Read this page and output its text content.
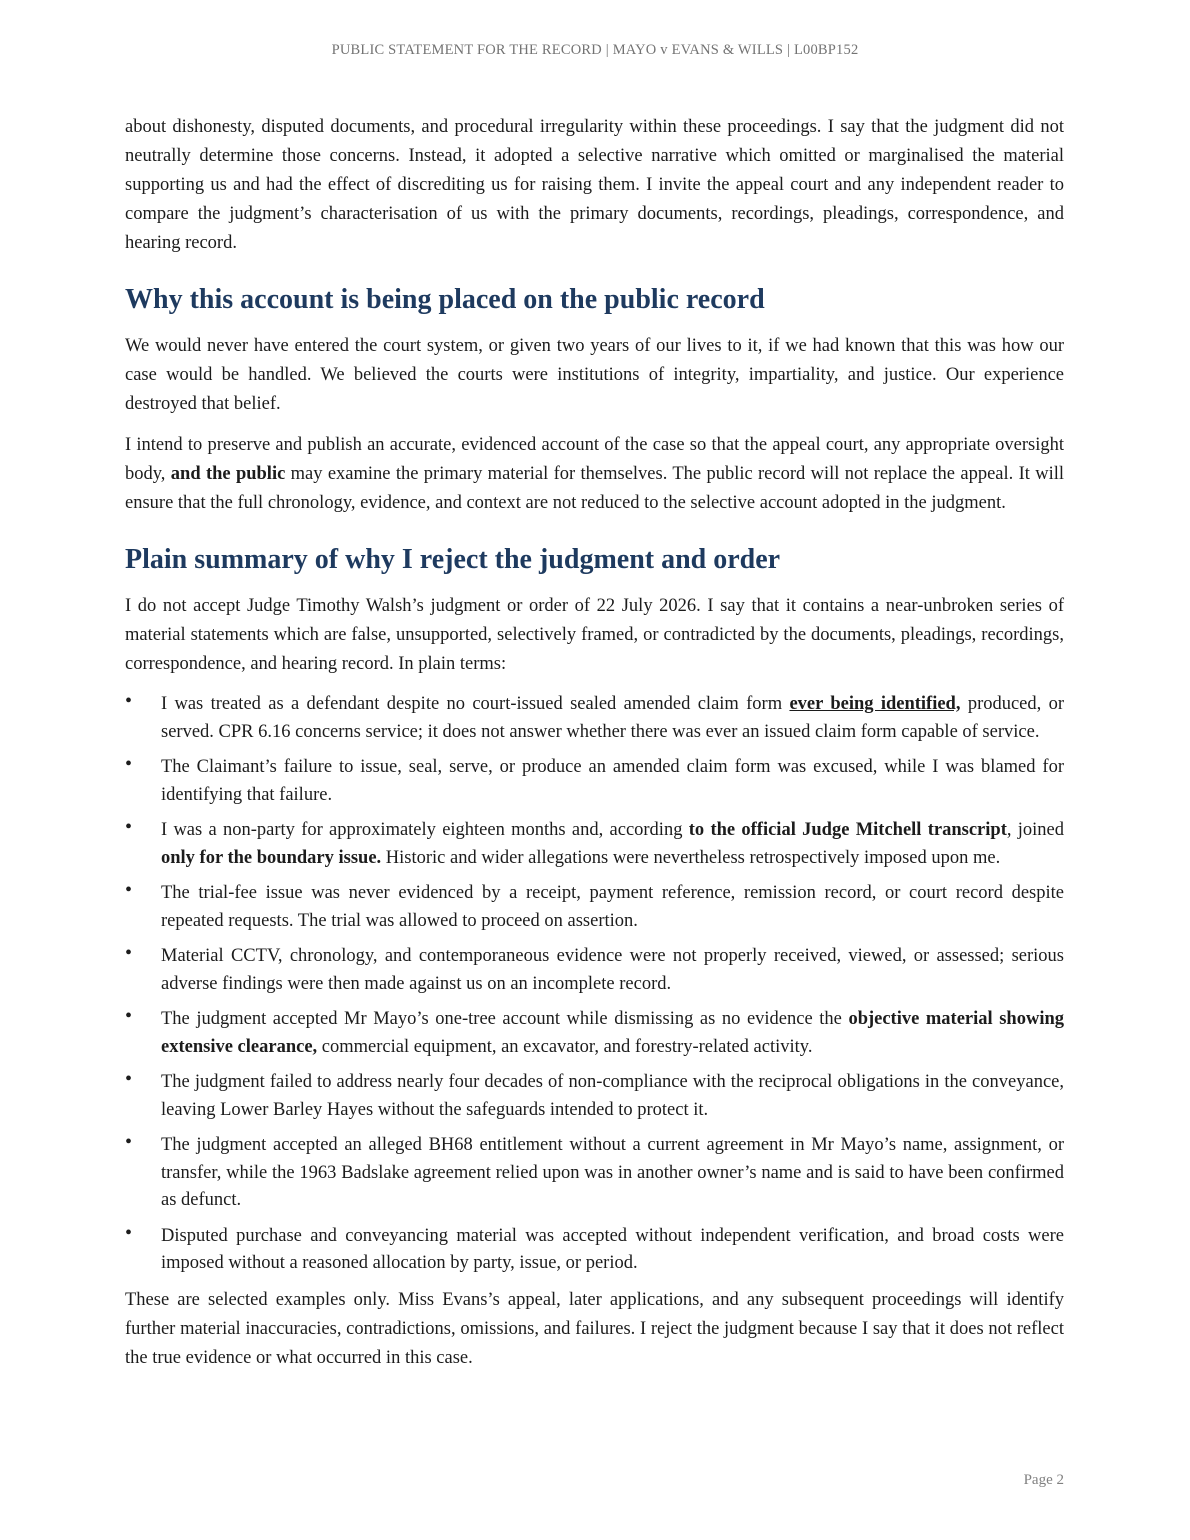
PUBLIC STATEMENT FOR THE RECORD | MAYO v EVANS & WILLS | L00BP152

about dishonesty, disputed documents, and procedural irregularity within these proceedings. I say that the judgment did not neutrally determine those concerns. Instead, it adopted a selective narrative which omitted or marginalised the material supporting us and had the effect of discrediting us for raising them. I invite the appeal court and any independent reader to compare the judgment’s characterisation of us with the primary documents, recordings, pleadings, correspondence, and hearing record.

Why this account is being placed on the public record

We would never have entered the court system, or given two years of our lives to it, if we had known that this was how our case would be handled. We believed the courts were institutions of integrity, impartiality, and justice. Our experience destroyed that belief.

I intend to preserve and publish an accurate, evidenced account of the case so that the appeal court, any appropriate oversight body, and the public may examine the primary material for themselves. The public record will not replace the appeal. It will ensure that the full chronology, evidence, and context are not reduced to the selective account adopted in the judgment.

Plain summary of why I reject the judgment and order

I do not accept Judge Timothy Walsh’s judgment or order of 22 July 2026. I say that it contains a near-unbroken series of material statements which are false, unsupported, selectively framed, or contradicted by the documents, pleadings, recordings, correspondence, and hearing record. In plain terms:

• I was treated as a defendant despite no court-issued sealed amended claim form ever being identified, produced, or served. CPR 6.16 concerns service; it does not answer whether there was ever an issued claim form capable of service.
• The Claimant’s failure to issue, seal, serve, or produce an amended claim form was excused, while I was blamed for identifying that failure.
• I was a non-party for approximately eighteen months and, according to the official Judge Mitchell transcript, joined only for the boundary issue. Historic and wider allegations were nevertheless retrospectively imposed upon me.
• The trial-fee issue was never evidenced by a receipt, payment reference, remission record, or court record despite repeated requests. The trial was allowed to proceed on assertion.
• Material CCTV, chronology, and contemporaneous evidence were not properly received, viewed, or assessed; serious adverse findings were then made against us on an incomplete record.
• The judgment accepted Mr Mayo’s one-tree account while dismissing as no evidence the objective material showing extensive clearance, commercial equipment, an excavator, and forestry-related activity.
• The judgment failed to address nearly four decades of non-compliance with the reciprocal obligations in the conveyance, leaving Lower Barley Hayes without the safeguards intended to protect it.
• The judgment accepted an alleged BH68 entitlement without a current agreement in Mr Mayo’s name, assignment, or transfer, while the 1963 Badslake agreement relied upon was in another owner’s name and is said to have been confirmed as defunct.
• Disputed purchase and conveyancing material was accepted without independent verification, and broad costs were imposed without a reasoned allocation by party, issue, or period.

These are selected examples only. Miss Evans’s appeal, later applications, and any subsequent proceedings will identify further material inaccuracies, contradictions, omissions, and failures. I reject the judgment because I say that it does not reflect the true evidence or what occurred in this case.

Page 2
